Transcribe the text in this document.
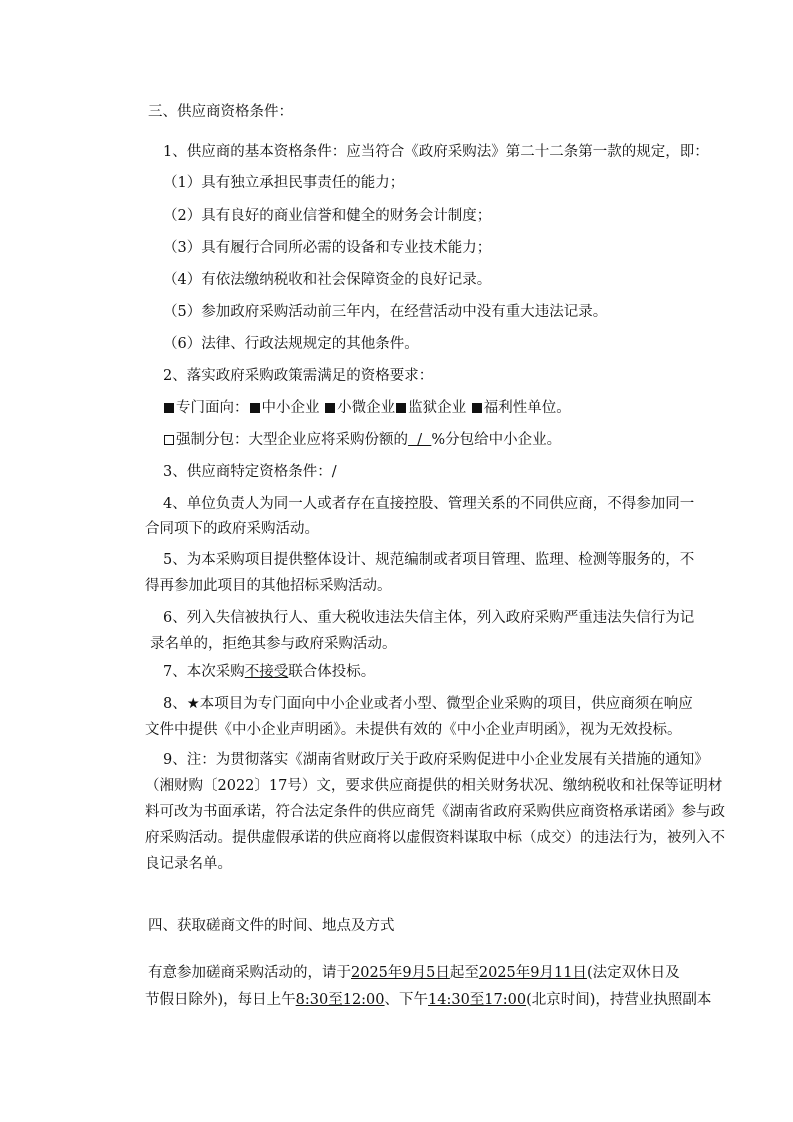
三、供应商资格条件：
1、供应商的基本资格条件：应当符合《政府采购法》第二十二条第一款的规定，即：
（1）具有独立承担民事责任的能力；
（2）具有良好的商业信誉和健全的财务会计制度；
（3）具有履行合同所必需的设备和专业技术能力；
（4）有依法缴纳税收和社会保障资金的良好记录。
（5）参加政府采购活动前三年内，在经营活动中没有重大违法记录。
（6）法律、行政法规规定的其他条件。
2、落实政府采购政策需满足的资格要求：
专门面向： 中小企业 小微企业 监狱企业 福利性单位。
强制分包：大型企业应将采购份额的  /  %分包给中小企业。
3、供应商特定资格条件：/
4、单位负责人为同一人或者存在直接控股、管理关系的不同供应商，不得参加同一
合同项下的政府采购活动。
5、为本采购项目提供整体设计、规范编制或者项目管理、监理、检测等服务的，不
得再参加此项目的其他招标采购活动。
6、列入失信被执行人、重大税收违法失信主体，列入政府采购严重违法失信行为记
录名单的，拒绝其参与政府采购活动。
7、本次采购不接受联合体投标。
8、★本项目为专门面向中小企业或者小型、微型企业采购的项目，供应商须在响应
文件中提供《中小企业声明函》。未提供有效的《中小企业声明函》，视为无效投标。
9、注：为贯彻落实《湖南省财政厅关于政府采购促进中小企业发展有关措施的通知》
（湘财购〔2022〕17号）文，要求供应商提供的相关财务状况、缴纳税收和社保等证明材
料可改为书面承诺，符合法定条件的供应商凭《湖南省政府采购供应商资格承诺函》参与政
府采购活动。提供虚假承诺的供应商将以虚假资料谋取中标（成交）的违法行为，被列入不
良记录名单。
四、获取磋商文件的时间、地点及方式
有意参加磋商采购活动的，请于2025年9月5日起至2025年9月11日(法定双休日及
节假日除外)，每日上午8:30至12:00、下午14:30至17:00(北京时间)，持营业执照副本
